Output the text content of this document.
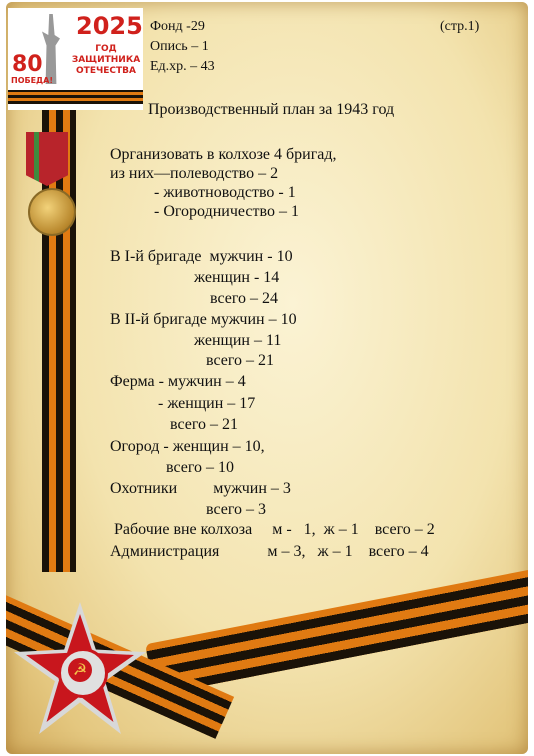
☭
2025
ГОД
ЗАЩИТНИКА
ОТЕЧЕСТВА
80
ПОБЕДА!
Фонд -29	(стр.1)
Опись – 1
Ед.хр. – 43
Производственный план за 1943 год
Организовать в колхозе 4 бригад,
из них—полеводство – 2
- животноводство - 1
- Огородничество – 1
В I-й бригаде  мужчин - 10
женщин - 14
всего – 24
В II-й бригаде мужчин – 10
женщин – 11
всего – 21
Ферма - мужчин – 4
- женщин – 17
всего – 21
Огород - женщин – 10,
всего – 10
Охотники         мужчин – 3
всего – 3
Рабочие вне колхоза     м -   1,  ж – 1    всего – 2
Администрация            м – 3,   ж – 1    всего – 4
